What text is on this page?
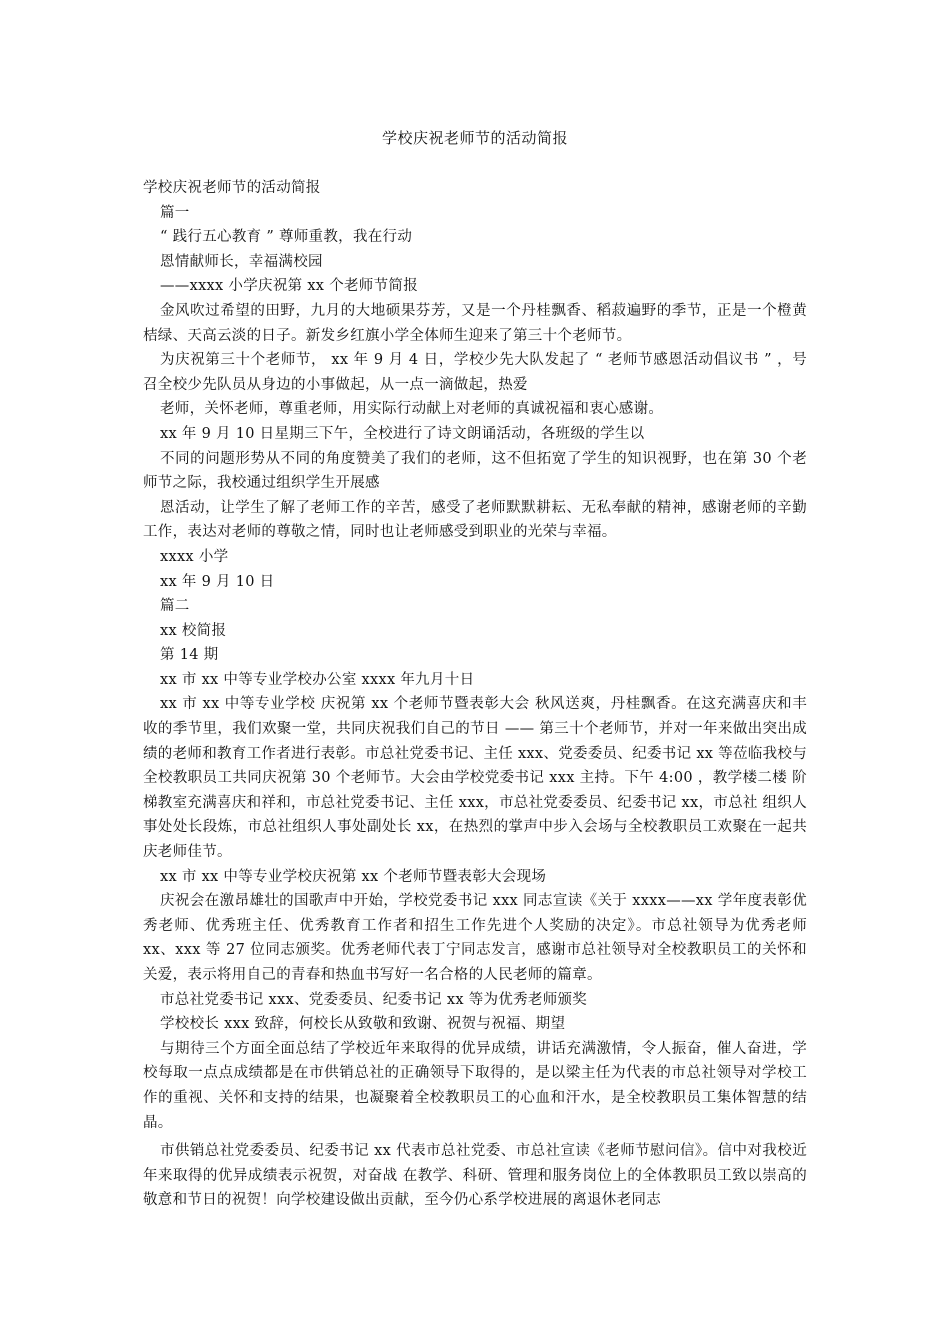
学校庆祝老师节的活动简报

学校庆祝老师节的活动简报

篇一

“ 践行五心教育 ” 尊师重教，我在行动

恩情献师长，幸福满校园

——xxxx 小学庆祝第 xx 个老师节简报

金风吹过希望的田野，九月的大地硕果芬芳，又是一个丹桂飘香、稻菽遍野的季节，正是一个橙黄桔绿、天高云淡的日子。新发乡红旗小学全体师生迎来了第三十个老师节。

为庆祝第三十个老师节， xx 年 9 月 4 日，学校少先大队发起了 “ 老师节感恩活动倡议书 ” ，号召全校少先队员从身边的小事做起，从一点一滴做起，热爱

老师，关怀老师，尊重老师，用实际行动献上对老师的真诚祝福和衷心感谢。

xx 年 9 月 10 日星期三下午，全校进行了诗文朗诵活动，各班级的学生以

不同的问题形势从不同的角度赞美了我们的老师，这不但拓宽了学生的知识视野，也在第 30 个老师节之际，我校通过组织学生开展感

恩活动，让学生了解了老师工作的辛苦，感受了老师默默耕耘、无私奉献的精神，感谢老师的辛勤工作，表达对老师的尊敬之情，同时也让老师感受到职业的光荣与幸福。

xxxx 小学

xx 年 9 月 10 日

篇二

xx 校简报

第 14 期

xx 市 xx 中等专业学校办公室 xxxx 年九月十日

xx 市 xx 中等专业学校 庆祝第 xx 个老师节暨表彰大会 秋风送爽，丹桂飘香。在这充满喜庆和丰收的季节里，我们欢聚一堂，共同庆祝我们自己的节日 —— 第三十个老师节，并对一年来做出突出成绩的老师和教育工作者进行表彰。市总社党委书记、主任 xxx、党委委员、纪委书记 xx 等莅临我校与全校教职员工共同庆祝第 30 个老师节。大会由学校党委书记 xxx 主持。下午 4:00 ，教学楼二楼 阶梯教室充满喜庆和祥和，市总社党委书记、主任 xxx，市总社党委委员、纪委书记 xx，市总社 组织人事处处长段炼，市总社组织人事处副处长 xx，在热烈的掌声中步入会场与全校教职员工欢聚在一起共庆老师佳节。

xx 市 xx 中等专业学校庆祝第 xx 个老师节暨表彰大会现场

庆祝会在激昂雄壮的国歌声中开始，学校党委书记 xxx 同志宣读《关于 xxxx——xx 学年度表彰优秀老师、优秀班主任、优秀教育工作者和招生工作先进个人奖励的决定》。市总社领导为优秀老师 xx、xxx 等 27 位同志颁奖。优秀老师代表丁宁同志发言，感谢市总社领导对全校教职员工的关怀和关爱，表示将用自己的青春和热血书写好一名合格的人民老师的篇章。

市总社党委书记 xxx、党委委员、纪委书记 xx 等为优秀老师颁奖

学校校长 xxx 致辞，何校长从致敬和致谢、祝贺与祝福、期望

与期待三个方面全面总结了学校近年来取得的优异成绩，讲话充满激情，令人振奋，催人奋进，学校每取一点点成绩都是在市供销总社的正确领导下取得的，是以梁主任为代表的市总社领导对学校工作的重视、关怀和支持的结果，也凝聚着全校教职员工的心血和汗水，是全校教职员工集体智慧的结晶。

市供销总社党委委员、纪委书记 xx 代表市总社党委、市总社宣读《老师节慰问信》。信中对我校近年来取得的优异成绩表示祝贺，对奋战 在教学、科研、管理和服务岗位上的全体教职员工致以崇高的敬意和节日的祝贺！向学校建设做出贡献，至今仍心系学校进展的离退休老同志
